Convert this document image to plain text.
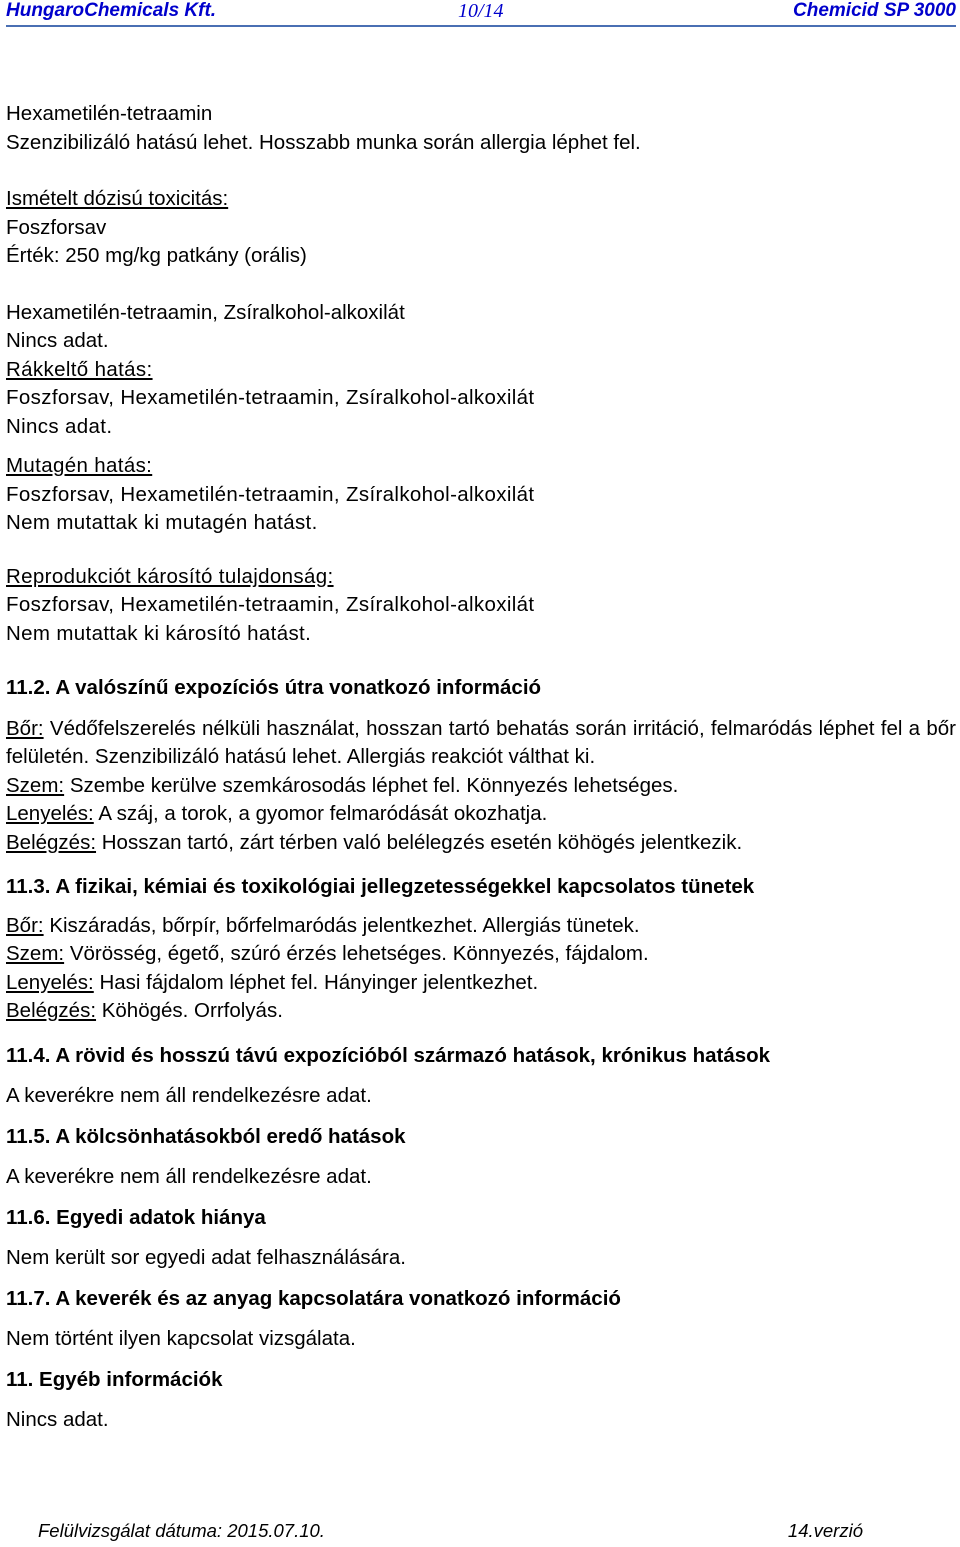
HungaroChemicals Kft.	10/14	Chemicid SP 3000
Hexametilén-tetraamin
Szenzibilizáló hatású lehet. Hosszabb munka során allergia léphet fel.
Ismételt dózisú toxicitás:
Foszforsav
Érték: 250 mg/kg patkány (orális)
Hexametilén-tetraamin, Zsíralkohol-alkoxilát
Nincs adat.
Rákkeltő hatás:
Foszforsav, Hexametilén-tetraamin, Zsíralkohol-alkoxilát
Nincs adat.
Mutagén hatás:
Foszforsav, Hexametilén-tetraamin, Zsíralkohol-alkoxilát
Nem mutattak ki mutagén hatást.
Reprodukciót károsító tulajdonság:
Foszforsav, Hexametilén-tetraamin, Zsíralkohol-alkoxilát
Nem mutattak ki károsító hatást.
11.2. A valószínű expozíciós útra vonatkozó információ
Bőr: Védőfelszerelés nélküli használat, hosszan tartó behatás során irritáció, felmaródás léphet fel a bőr felületén. Szenzibilizáló hatású lehet. Allergiás reakciót válthat ki.
Szem: Szembe kerülve szemkárosodás léphet fel. Könnyezés lehetséges.
Lenyelés: A száj, a torok, a gyomor felmaródását okozhatja.
Belégzés: Hosszan tartó, zárt térben való belélegzés esetén köhögés jelentkezik.
11.3. A fizikai, kémiai és toxikológiai jellegzetességekkel kapcsolatos tünetek
Bőr: Kiszáradás, bőrpír, bőrfelmaródás jelentkezhet. Allergiás tünetek.
Szem: Vörösség, égető, szúró érzés lehetséges. Könnyezés, fájdalom.
Lenyelés: Hasi fájdalom léphet fel. Hányinger jelentkezhet.
Belégzés: Köhögés. Orrfolyás.
11.4. A rövid és hosszú távú expozícióból származó hatások, krónikus hatások
A keverékre nem áll rendelkezésre adat.
11.5. A kölcsönhatásokból eredő hatások
A keverékre nem áll rendelkezésre adat.
11.6. Egyedi adatok hiánya
Nem került sor egyedi adat felhasználására.
11.7. A keverék és az anyag kapcsolatára vonatkozó információ
Nem történt ilyen kapcsolat vizsgálata.
11. Egyéb információk
Nincs adat.
Felülvizsgálat dátuma: 2015.07.10.	14.verzió
